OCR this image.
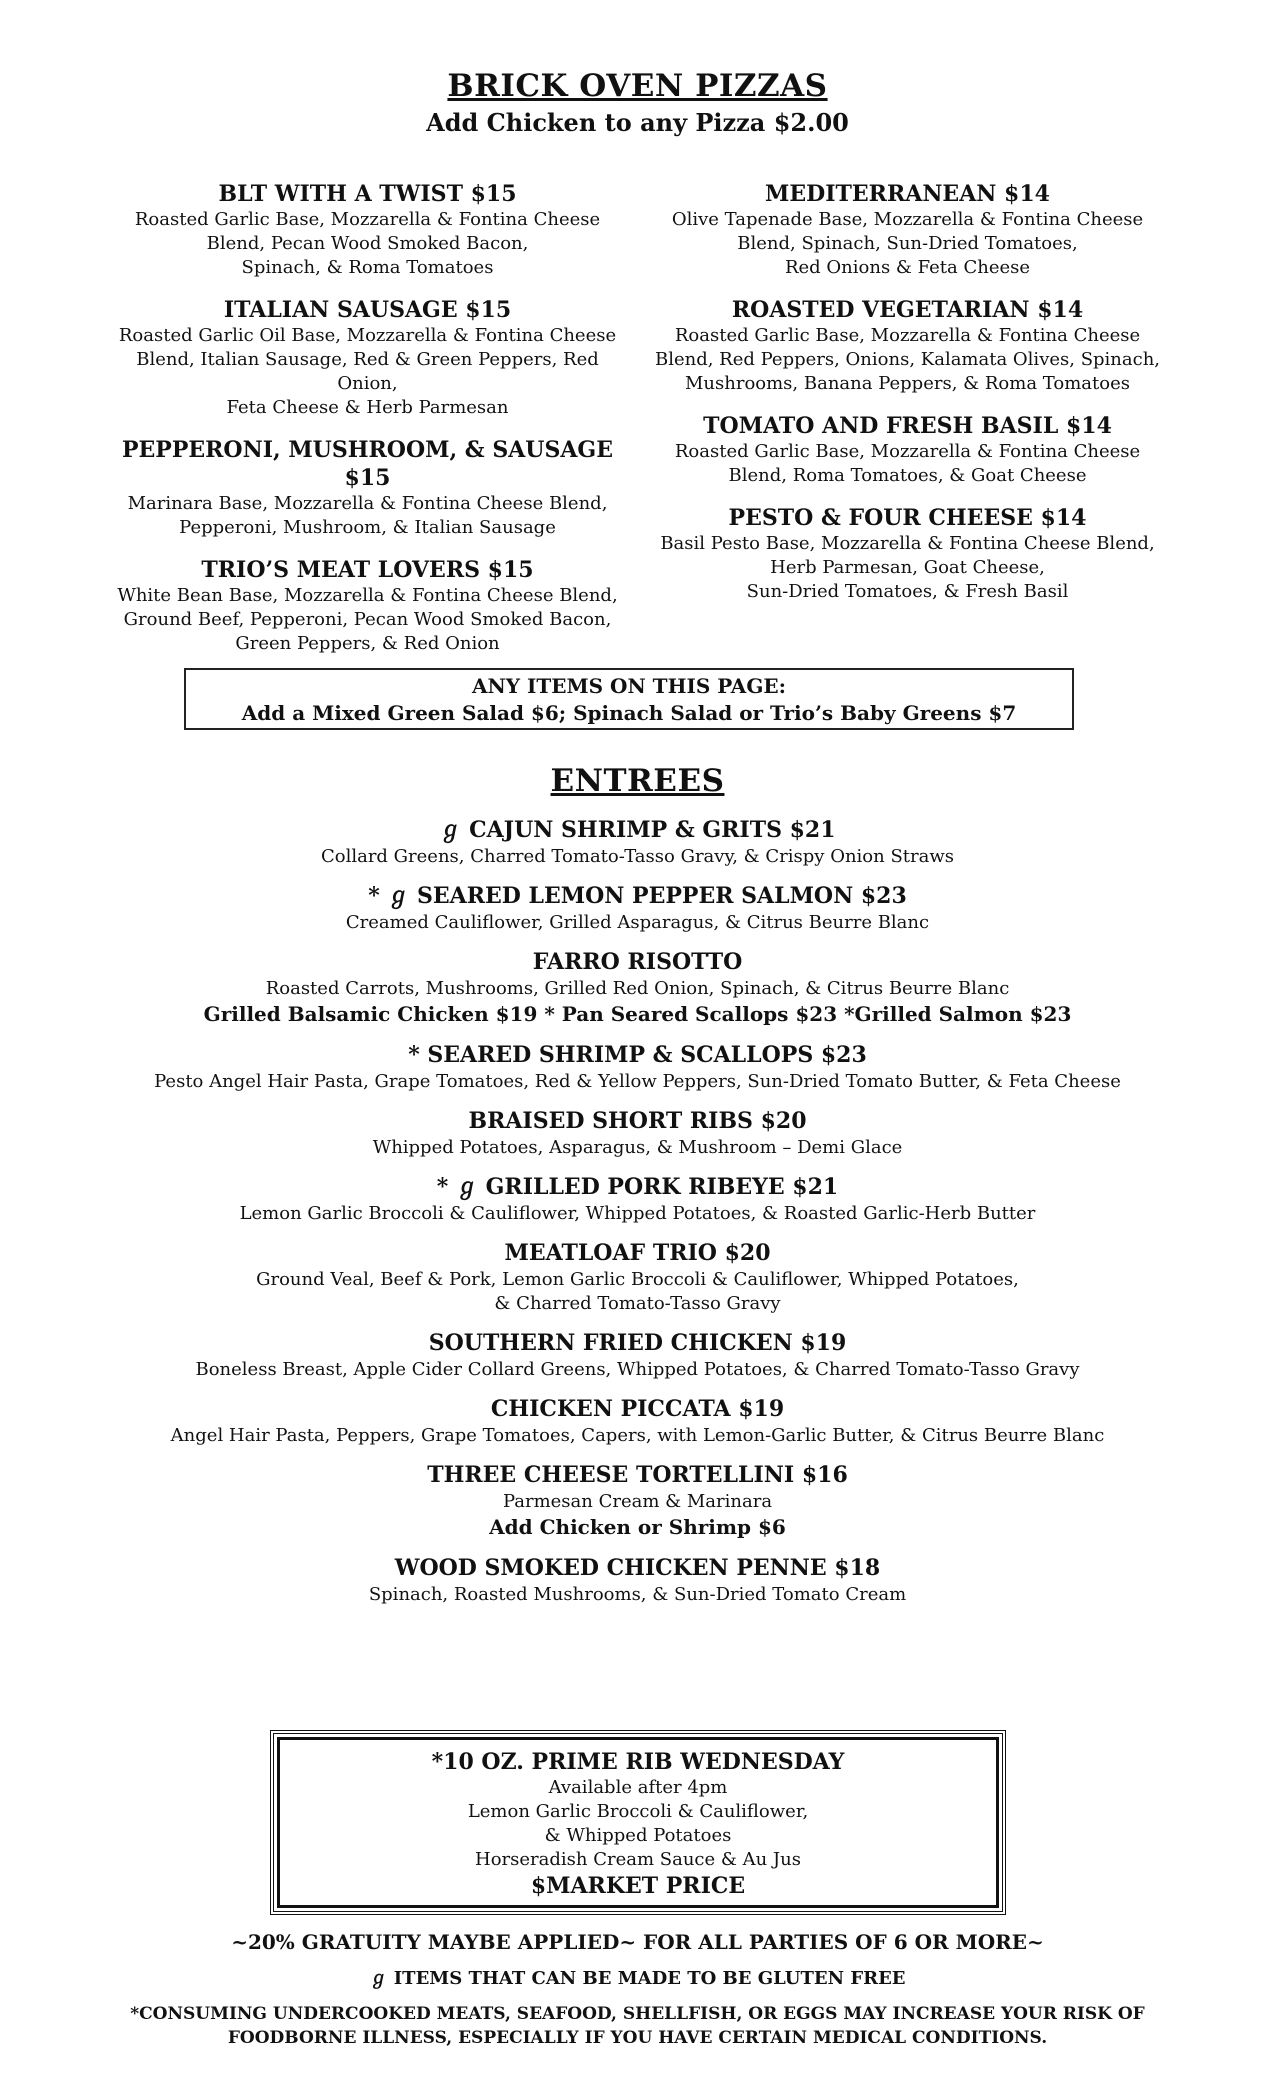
BRICK OVEN PIZZAS
Add Chicken to any Pizza $2.00
BLT WITH A TWIST $15
Roasted Garlic Base, Mozzarella & Fontina Cheese
Blend, Pecan Wood Smoked Bacon,
Spinach, & Roma Tomatoes
ITALIAN SAUSAGE $15
Roasted Garlic Oil Base, Mozzarella & Fontina Cheese
Blend, Italian Sausage, Red & Green Peppers, Red Onion,
Feta Cheese & Herb Parmesan
PEPPERONI, MUSHROOM, & SAUSAGE $15
Marinara Base, Mozzarella & Fontina Cheese Blend,
Pepperoni, Mushroom, & Italian Sausage
TRIO’S MEAT LOVERS $15
White Bean Base, Mozzarella & Fontina Cheese Blend,
Ground Beef, Pepperoni, Pecan Wood Smoked Bacon,
Green Peppers, & Red Onion
MEDITERRANEAN $14
Olive Tapenade Base, Mozzarella & Fontina Cheese
Blend, Spinach, Sun-Dried Tomatoes,
Red Onions & Feta Cheese
ROASTED VEGETARIAN $14
Roasted Garlic Base, Mozzarella & Fontina Cheese
Blend, Red Peppers, Onions, Kalamata Olives, Spinach,
Mushrooms, Banana Peppers, & Roma Tomatoes
TOMATO AND FRESH BASIL $14
Roasted Garlic Base, Mozzarella & Fontina Cheese
Blend, Roma Tomatoes, & Goat Cheese
PESTO & FOUR CHEESE $14
Basil Pesto Base, Mozzarella & Fontina Cheese Blend,
Herb Parmesan, Goat Cheese,
Sun-Dried Tomatoes, & Fresh Basil
ANY ITEMS ON THIS PAGE:
Add a Mixed Green Salad $6; Spinach Salad or Trio’s Baby Greens $7
ENTREES
ℊ CAJUN SHRIMP & GRITS $21
Collard Greens, Charred Tomato-Tasso Gravy, & Crispy Onion Straws
* ℊ SEARED LEMON PEPPER SALMON $23
Creamed Cauliflower, Grilled Asparagus, & Citrus Beurre Blanc
FARRO RISOTTO
Roasted Carrots, Mushrooms, Grilled Red Onion, Spinach, & Citrus Beurre Blanc
Grilled Balsamic Chicken $19 * Pan Seared Scallops $23 *Grilled Salmon $23
* SEARED SHRIMP & SCALLOPS $23
Pesto Angel Hair Pasta, Grape Tomatoes, Red & Yellow Peppers, Sun-Dried Tomato Butter, & Feta Cheese
BRAISED SHORT RIBS $20
Whipped Potatoes, Asparagus, & Mushroom – Demi Glace
* ℊ GRILLED PORK RIBEYE $21
Lemon Garlic Broccoli & Cauliflower, Whipped Potatoes, & Roasted Garlic-Herb Butter
MEATLOAF TRIO $20
Ground Veal, Beef & Pork, Lemon Garlic Broccoli & Cauliflower, Whipped Potatoes,
& Charred Tomato-Tasso Gravy
SOUTHERN FRIED CHICKEN $19
Boneless Breast, Apple Cider Collard Greens, Whipped Potatoes, & Charred Tomato-Tasso Gravy
CHICKEN PICCATA $19
Angel Hair Pasta, Peppers, Grape Tomatoes, Capers, with Lemon-Garlic Butter, & Citrus Beurre Blanc
THREE CHEESE TORTELLINI $16
Parmesan Cream & Marinara
Add Chicken or Shrimp $6
WOOD SMOKED CHICKEN PENNE $18
Spinach, Roasted Mushrooms, & Sun-Dried Tomato Cream
*10 OZ. PRIME RIB WEDNESDAY
Available after 4pm
Lemon Garlic Broccoli & Cauliflower,
& Whipped Potatoes
Horseradish Cream Sauce & Au Jus
$MARKET PRICE
~20% GRATUITY MAYBE APPLIED~ FOR ALL PARTIES OF 6 OR MORE~
ℊ ITEMS THAT CAN BE MADE TO BE GLUTEN FREE
*CONSUMING UNDERCOOKED MEATS, SEAFOOD, SHELLFISH, OR EGGS MAY INCREASE YOUR RISK OF
FOODBORNE ILLNESS, ESPECIALLY IF YOU HAVE CERTAIN MEDICAL CONDITIONS.
